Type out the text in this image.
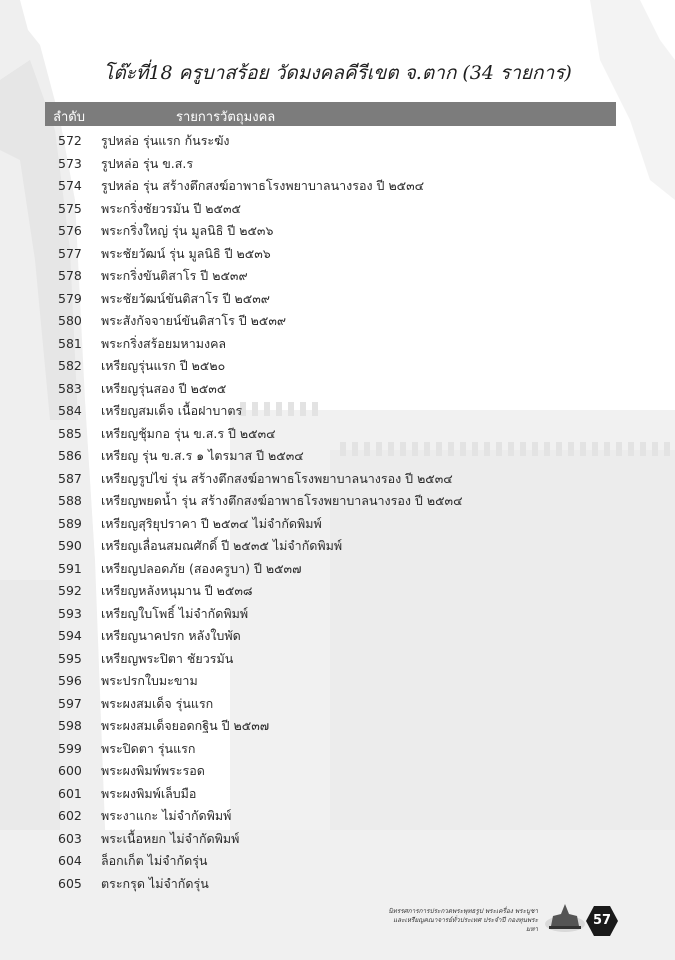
โต๊ะที่18 ครูบาสร้อย วัดมงคลคีรีเขต จ.ตาก (34 รายการ)
ลำดับ	รายการวัตถุมงคล
572 รูปหล่อ รุ่นแรก ก้นระฆัง
573 รูปหล่อ รุ่น ข.ส.ร
574 รูปหล่อ รุ่น สร้างตึกสงฆ์อาพาธโรงพยาบาลนางรอง ปี ๒๕๓๔
575 พระกริ่งชัยวรมัน ปี ๒๕๓๕
576 พระกริ่งใหญ่ รุ่น มูลนิธิ ปี ๒๕๓๖
577 พระชัยวัฒน์ รุ่น มูลนิธิ ปี ๒๕๓๖
578 พระกริ่งขันติสาโร ปี ๒๕๓๙
579 พระชัยวัฒน์ขันติสาโร ปี ๒๕๓๙
580 พระสังกัจจายน์ขันติสาโร ปี ๒๕๓๙
581 พระกริ่งสร้อยมหามงคล
582 เหรียญรุ่นแรก ปี ๒๕๒๐
583 เหรียญรุ่นสอง ปี ๒๕๓๕
584 เหรียญสมเด็จ เนื้อฝาบาตร
585 เหรียญชุ้มกอ รุ่น ข.ส.ร ปี ๒๕๓๔
586 เหรียญ รุ่น ข.ส.ร ๑ ไตรมาส ปี ๒๕๓๔
587 เหรียญรูปไข่ รุ่น สร้างตึกสงฆ์อาพาธโรงพยาบาลนางรอง ปี ๒๕๓๔
588 เหรียญพยดน้ำ รุ่น สร้างตึกสงฆ์อาพาธโรงพยาบาลนางรอง ปี ๒๕๓๔
589 เหรียญสุริยุปราคา ปี ๒๕๓๔ ไม่จำกัดพิมพ์
590 เหรียญเลื่อนสมณศักดิ์ ปี ๒๕๓๕ ไม่จำกัดพิมพ์
591 เหรียญปลอดภัย (สองครูบา) ปี ๒๕๓๗
592 เหรียญหลังหนุมาน ปี ๒๕๓๘
593 เหรียญใบโพธิ์ ไม่จำกัดพิมพ์
594 เหรียญนาคปรก หลังใบพัด
595 เหรียญพระปิตา ชัยวรมัน
596 พระปรกใบมะขาม
597 พระผงสมเด็จ รุ่นแรก
598 พระผงสมเด็จยอดกฐิน ปี ๒๕๓๗
599 พระปิดตา รุ่นแรก
600 พระผงพิมพ์พระรอด
601 พระผงพิมพ์เล็บมือ
602 พระงาแกะ ไม่จำกัดพิมพ์
603 พระเนื้อหยก ไม่จำกัดพิมพ์
604 ล็อกเก็ต ไม่จำกัดรุ่น
605 ตระกรุด ไม่จำกัดรุ่น
นิทรรศการการประกวดพระพุทธรูป พระเครื่อง พระบูชา
และเหรียญคณาจารย์ทั่วประเทศ ประจำปี กองทุนพระมหา
57
